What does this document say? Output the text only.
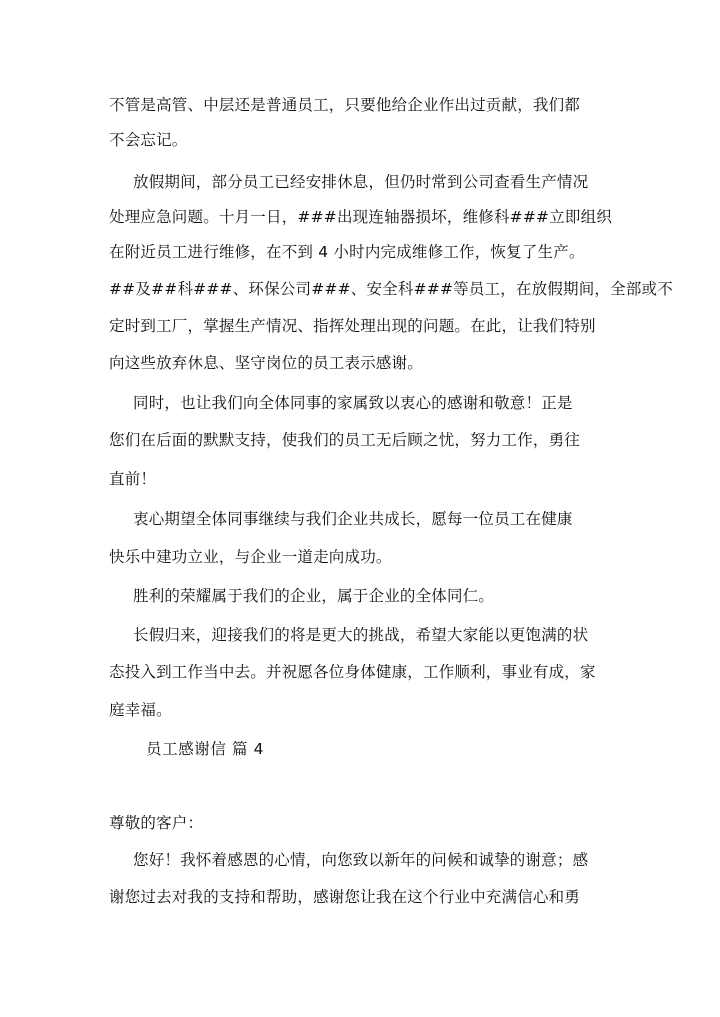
不管是高管、中层还是普通员工，只要他给企业作出过贡献，我们都
不会忘记。
放假期间，部分员工已经安排休息，但仍时常到公司查看生产情况
处理应急问题。十月一日，###出现连轴器损坏，维修科###立即组织
在附近员工进行维修，在不到 4 小时内完成维修工作，恢复了生产。
##及##科###、环保公司###、安全科###等员工，在放假期间，全部或不
定时到工厂，掌握生产情况、指挥处理出现的问题。在此，让我们特别
向这些放弃休息、坚守岗位的员工表示感谢。
同时，也让我们向全体同事的家属致以衷心的感谢和敬意！正是
您们在后面的默默支持，使我们的员工无后顾之忧，努力工作，勇往
直前！
衷心期望全体同事继续与我们企业共成长，愿每一位员工在健康
快乐中建功立业，与企业一道走向成功。
胜利的荣耀属于我们的企业，属于企业的全体同仁。
长假归来，迎接我们的将是更大的挑战，希望大家能以更饱满的状
态投入到工作当中去。并祝愿各位身体健康，工作顺利，事业有成，家
庭幸福。
员工感谢信 篇 4
尊敬的客户：
您好！我怀着感恩的心情，向您致以新年的问候和诚挚的谢意；感
谢您过去对我的支持和帮助，感谢您让我在这个行业中充满信心和勇
